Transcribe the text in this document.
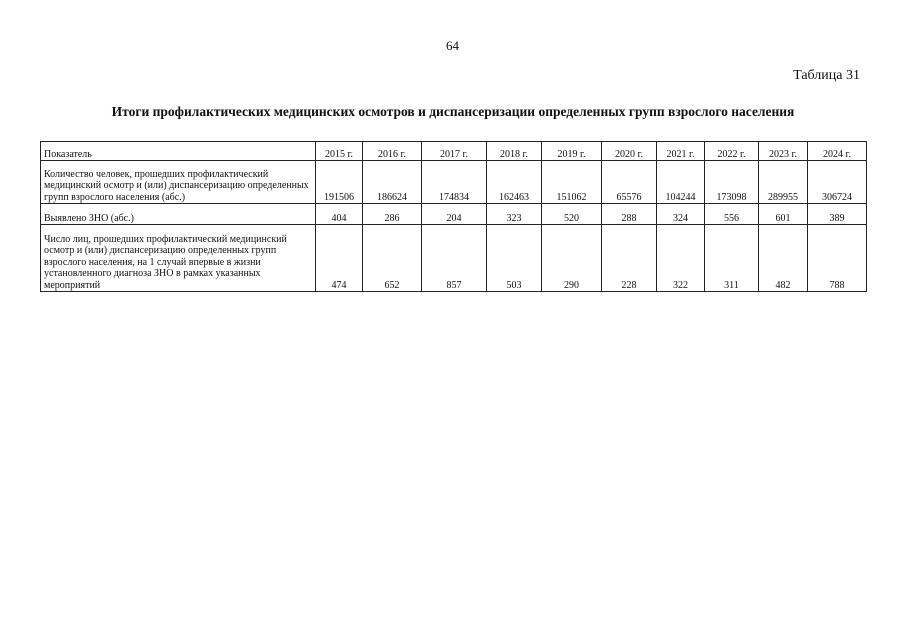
64
Таблица 31
Итоги профилактических медицинских осмотров и диспансеризации определенных групп взрослого населения
Показатель	2015 г.	2016 г.	2017 г.	2018 г.	2019 г.	2020 г.	2021 г.	2022 г.	2023 г.	2024 г.
Количество человек, прошедших профилактический медицинский осмотр и (или) диспансеризацию определенных групп взрослого населения (абс.)	191506	186624	174834	162463	151062	65576	104244	173098	289955	306724
Выявлено ЗНО (абс.)	404	286	204	323	520	288	324	556	601	389
Число лиц, прошедших профилактический медицинский осмотр и (или) диспансеризацию определенных групп взрослого населения, на 1 случай впервые в жизни установленного диагноза ЗНО в рамках указанных мероприятий	474	652	857	503	290	228	322	311	482	788
